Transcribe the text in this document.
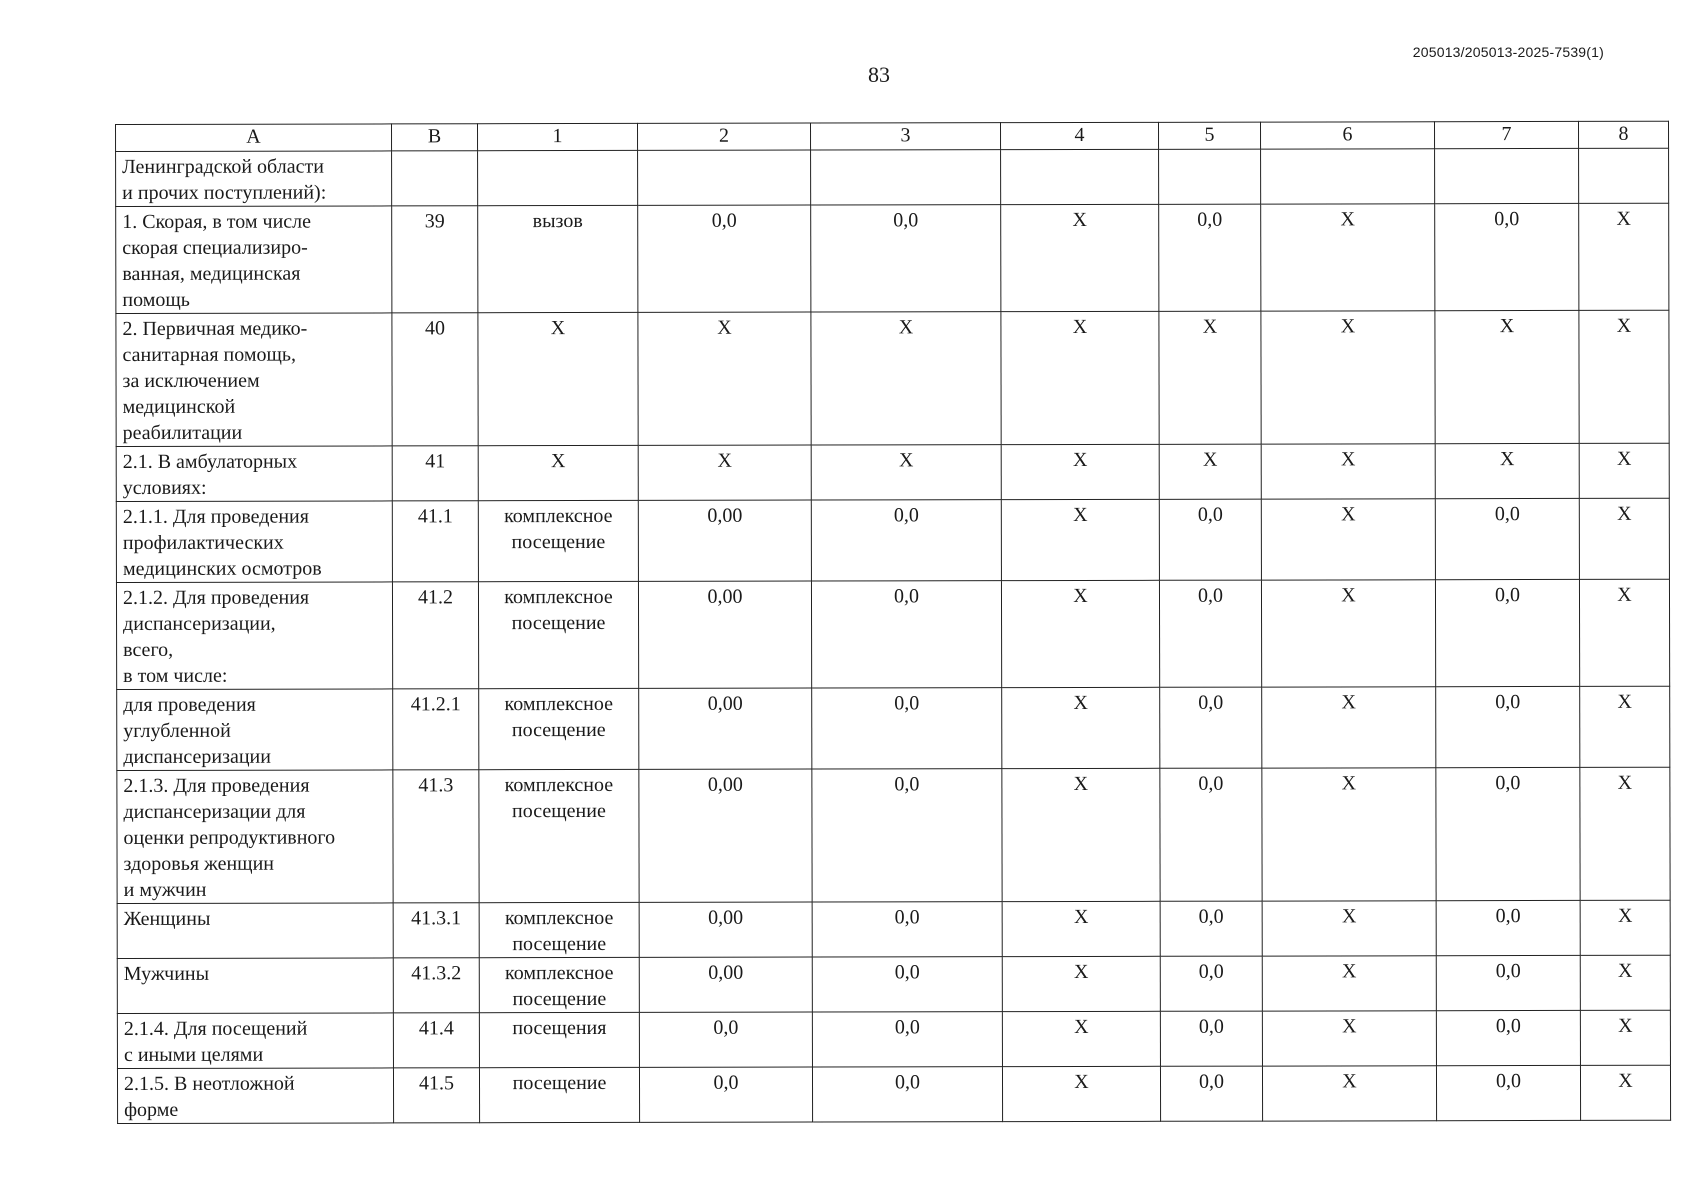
205013/205013-2025-7539(1)
83
А	В	1	2	3	4	5	6	7	8

Ленинградской области
и прочих поступлений):									

1. Скорая, в том числе
скорая специализиро-
ванная, медицинская
помощь	39	вызов	0,0	0,0	X	0,0	X	0,0	X

2. Первичная медико-
санитарная помощь,
за исключением
медицинской
реабилитации	40	X	X	X	X	X	X	X	X

2.1. В амбулаторных
условиях:	41	X	X	X	X	X	X	X	X

2.1.1. Для проведения
профилактических
медицинских осмотров	41.1	комплексное
посещение	0,00	0,0	X	0,0	X	0,0	X

2.1.2. Для проведения
диспансеризации,
всего,
в том числе:	41.2	комплексное
посещение	0,00	0,0	X	0,0	X	0,0	X

для проведения
углубленной
диспансеризации	41.2.1	комплексное
посещение	0,00	0,0	X	0,0	X	0,0	X

2.1.3. Для проведения
диспансеризации для
оценки репродуктивного
здоровья женщин
и мужчин	41.3	комплексное
посещение	0,00	0,0	X	0,0	X	0,0	X

Женщины	41.3.1	комплексное
посещение	0,00	0,0	X	0,0	X	0,0	X

Мужчины	41.3.2	комплексное
посещение	0,00	0,0	X	0,0	X	0,0	X

2.1.4. Для посещений
с иными целями	41.4	посещения	0,0	0,0	X	0,0	X	0,0	X

2.1.5. В неотложной
форме	41.5	посещение	0,0	0,0	X	0,0	X	0,0	X
